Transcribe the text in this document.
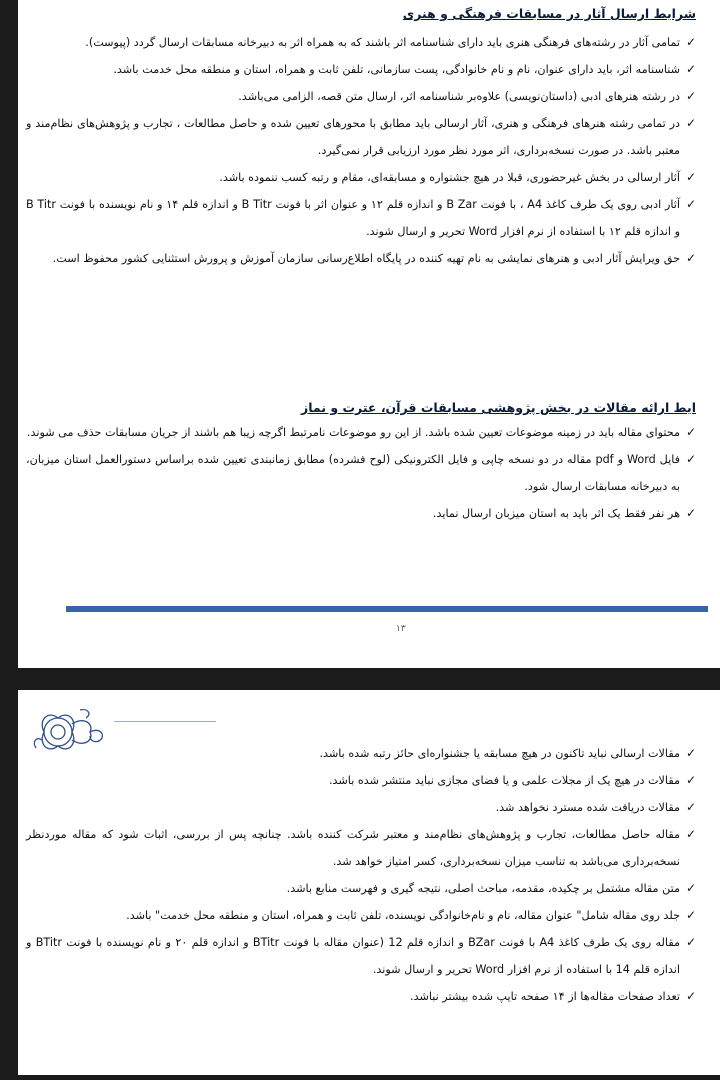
شرایط ارسال آثار در مسابقات فرهنگی و هنری
✓
تمامی آثار در رشته‌های فرهنگی هنری باید دارای شناسنامه اثر باشند که به همراه اثر به دبیرخانه مسابقات ارسال گردد (پیوست).
✓
شناسنامه اثر، باید دارای عنوان، نام و نام خانوادگی، پست سازمانی، تلفن ثابت و همراه، استان و منطقه محل خدمت باشد.
✓
در رشته هنرهای ادبی (داستان‌نویسی) علاوه‌بر شناسنامه اثر، ارسال متن قصه، الزامی می‌باشد.
✓
در تمامی رشته هنرهای فرهنگی و هنری، آثار ارسالی باید مطابق با محورهای تعیین شده و حاصل مطالعات ، تجارب و پژوهش‌های نظام‌مند و معتبر باشد. در صورت نسخه‌برداری، اثر مورد نظر مورد ارزیابی قرار نمی‌گیرد.
✓
آثار ارسالی در بخش غیرحضوری، قبلا در هیچ جشنواره و مسابقه‌ای، مقام و رتبه کسب ننموده باشد.
✓
آثار ادبی روی یک طرف کاغذ A4 ، با فونت B Zar و اندازه قلم ۱۲ و عنوان اثر با فونت B Titr و اندازه قلم ۱۴ و نام نویسنده با فونت B Titr و اندازه قلم ۱۲ با استفاده از نرم افزار Word تحریر و ارسال شوند.
✓
حق ویرایش آثار ادبی و هنرهای نمایشی به نام تهیه کننده در پایگاه اطلاع‌رسانی سازمان آموزش و پرورش استثنایی کشور محفوظ است.
ایط ارائه مقالات در بخش پژوهشی مسابقات قرآن، عترت و نماز
✓
محتوای مقاله باید در زمینه موضوعات تعیین شده باشد. از این رو موضوعات نامرتبط اگرچه زیبا هم باشند از جریان مسابقات حذف می شوند.
✓
فایل Word و pdf مقاله در دو نسخه چاپی و فایل الکترونیکی (لوح فشرده) مطابق زمانبندی تعیین شده براساس دستورالعمل استان میزبان، به دبیرخانه مسابقات ارسال شود.
✓
هر نفر فقط یک اثر باید به استان میزبان ارسال نماید.
۱۳
✓
مقالات ارسالی نباید تاکنون در هیچ مسابقه یا جشنواره‌ای حائز رتبه شده باشد.
✓
مقالات در هیچ یک از مجلات علمی و یا فضای مجازی نباید منتشر شده باشد.
✓
مقالات دریافت شده مسترد نخواهد شد.
✓
مقاله حاصل مطالعات، تجارب و پژوهش‌های نظام‌مند و معتبر شرکت کننده باشد. چنانچه پس از بررسی، اثبات شود که مقاله موردنظر نسخه‌برداری می‌باشد به تناسب میزان نسخه‌برداری، کسر امتیاز خواهد شد.
✓
متن مقاله مشتمل بر چکیده، مقدمه، مباحث اصلی، نتیجه گیری و فهرست منابع باشد.
✓
جلد روی مقاله شامل" عنوان مقاله، نام و نام‌خانوادگی نویسنده، تلفن ثابت و همراه، استان و منطقه محل خدمت" باشد.
✓
مقاله روی یک طرف کاغذ A4 با فونت BZar و اندازه قلم 12 (عنوان مقاله با فونت BTitr و اندازه قلم ۲۰ و نام نویسنده با فونت BTitr و اندازه قلم 14 با استفاده از نرم افزار Word تحریر و ارسال شوند.
✓
تعداد صفحات مقاله‌ها از ۱۴ صفحه تایپ شده بیشتر نباشد.
